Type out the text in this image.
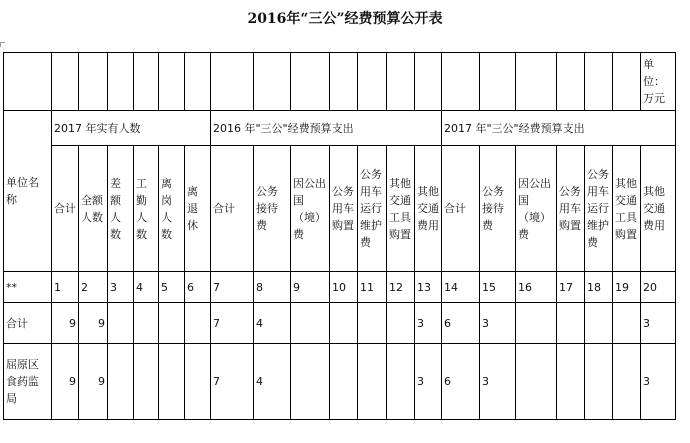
2016年“三公”经费预算公开表

																				单位：
万元

单位名称	2017 年实有人数						2016 年"三公"经费预算支出							2017 年"三公"经费预算支出						
	合计	全额人数	差额人数	工勤人数	离岗人数	离退休	合计	公务接待费	因公出国（境）费	公务用车购置	公务用车运行维护费	其他交通工具购置	其他交通费用	合计	公务接待费	因公出国（境）费	公务用车购置	公务用车运行维护费	其他交通工具购置	其他交通费用
**	1	2	3	4	5	6	7	8	9	10	11	12	13	14	15	16	17	18	19	20
合计	9	9					7	4					3	6	3					3
屈原区食药监局	9	9					7	4					3	6	3					3
